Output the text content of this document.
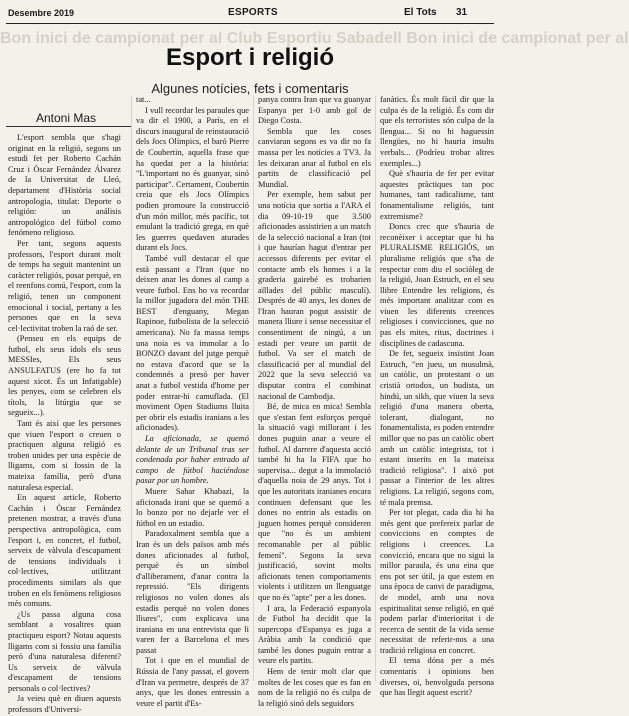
Desembre 2019	ESPORTS	El Tots 31
Bon inici de campionat per al Club Esportiu Sabadell Bon inici de campionat per al
Esport i religió
Algunes notícies, fets i comentaris
Antoni Mas

L'esport sembla que s'hagi originat en la religió, segons un estudi fet per Roberto Cachán Cruz i Òscar Fernández Álvarez de la Universitat de Lleó, departament d'Història social antropologia, titulat: Deporte o religión: un análisis antropológico del fútbol como fenómeno religioso.

Per tant, segons aquests professors, l'esport durant molt de temps ha seguit mantenint un caràcter religiós, posar perquè, en el reenfons comú, l'esport, com la religió, tenen un component emocional i social, pertany a les persones que en la seva cel·lectivitat troben la raó de ser.

(Penseu en els equips de futbol, els seus ídols els seus MESSIes, Els seus ANSULFATUS (ere ho fa tot aquest xicot. És un Infatigable) les penyes, com se celebren els títols, la litúrgia que se segueix...).

Tant és així que les persones que viuen l'esport o creuen o practiquen alguna religió es troben unides per una espècie de lligams, com si fossin de la mateixa família, però d'una naturalesa especial.

En aquest article, Roberto Cachán i Òscar Fernández pretenen mostrar, a través d'una perspectiva antropològica, com l'esport i, en concret, el futbol, serveix de vàlvula d'escapament de tensions individuals i col·lectives, utilitzant procediments similars als que troben en els fenòmens religiosos més comuns.

¿Us passa alguna cosa semblant a vosaltres quan practiqueu esport? Notau aquests lligams com si fossiu una família però d'una naturalesa diferent? Us serveix de vàlvula d'escapament de tensions personals o col·lectives?

Ja veieu què en diuen aquests professors d'Universi-

tat...

I vull recordar les paraules que va dir el 1900, a París, en el discurs inaugural de reinstauració dels Jocs Olímpics, el baró Pierre de Coubertin, aquella frase que ha quedat per a la història: "L'important no és guanyar, sinó participar". Certament, Coubertin creia que els Jocs Olímpics podien promoure la construcció d'un món millor, més pacífic, tot emulant la tradició grega, en què les guerres quedaven aturades durant els Jocs.

També vull destacar el que està passant a l'Iran (que no deixen anar les dones al camp a veure futbol. Ens ho va recordar la millor jugadora del món THE BEST d'enguany, Megan Rapinoe, futbolista de la selecció americana). No fa massa temps una noia es va immolar a lo BONZO davant del jutge perquè no estava d'acord que se la condemnés a presó per haver anat a futbol vestida d'home per poder entrar-hi camuflada. (El moviment Open Stadiums lluita per obrir els estadis iranians a les aficionades).

La aficionada, se quemó delante de un Tribunal tras ser condenada por haber entrado al campo de fútbol haciéndose pasar por un hombre.

Muere Sahar Khabazi, la aficionada irani que se quemó a lo bonzo por no dejarle ver el fútbol en un estadio.

Paradoxalment sembla que a Iran és un dels països amb més dones aficionades al futbol, perquè és un símbol d'alliberament, d'anar contra la repressió. "Els dirigents religiosos no volen dones als estadis perquè no volen dones lliures", com explicava una iraniana en una entrevista que li varen fer a Barcelona el mes passat

Tot i que en el mundial de Rússia de l'any passat, el govern d'Iran va permetre, després de 37 anys, que les dones entressin a veure el partit d'Es-

panya contra Iran que va guanyar Espanya per 1-0 amb gol de Diego Costa.

Sembla que les coses canviaran segons es va dir no fa massa per les notícies a TV3. Ja les deixaran anar al futbol en els partits de classificació pel Mundial.

Per exemple, hem sabut per una notícia que sortia a l'ARA el dia 09-10-19 que 3.500 aficionades assistirien a un match de la selecció nacional a Iran (tot i que haurían hagut d'entrar per accessos diferents per evitar el contacte amb els homes i a la graderia gairebé es trobarien aïllades del públic masculí). Després de 40 anys, les dones de l'Iran hauran pogut assistir de manera lliure i sense necessitar el consentiment de ningú, a un estadi per veure un partit de futbol. Va ser el match de classificació per al mundial del 2022 que la seva selecció va disputar contra el combinat nacional de Cambodja.

Bé, de mica en mica! Sembla que s'estan fent esforços perquè la situació vagi millorant i les dones puguin anar a veure el futbol. Al darrere d'aquesta acció també hi ha la FIFA que ho supervisa... degut a la immolació d'aquella noia de 29 anys. Tot i que les autoritats iranianes encara continuen defensant que les dones no entrin als estadis on juguen homes perquè consideren que "no és un ambient recomanable per al públic femení". Segons la seva justificació, sovint molts aficionats tenen comportaments violents i utilitzen un llenguatge que no és "apte" per a les dones.

I ara, la Federació espanyola de Futbol ha decidit que la supercopa d'Espanya es juga a Aràbia amb la condició que també les dones puguin entrar a veure els partits.

Hem de tenir molt clar que moltes de les coses que es fan en nom de la religió no és culpa de la religió sinó dels seguidors

fanàtics. És molt fàcil dir que la culpa és de la religió. És com dir que els terroristes són culpa de la llengua... Si no hi haguessin llengües, no hi hauria insults verbals... (Podríeu trobar altres exemples...)

Què s'hauria de fer per evitar aquestes pràctiques tan poc humanes, tant radicalisme, tant fonamentalisme religiós, tant extremisme?

Doncs crec que s'hauria de reconèixer i acceptar que hi ha PLURALISME RELIGIÓS, un pluralisme religiós que s'ha de respectar com diu el sociòleg de la religió, Joan Estruch, en el seu llibre Entendre les religions, és més important analitzar com es viuen les diferents creences religioses i convicciones, que no pas els mites, ritus, doctrines i disciplines de cadascuna.

De fet, segueix insistint Joan Estruch, "en jueu, un musulmà, un catòlic, un protestant o un cristià ortodox, un budista, un hindú, un sikh, que viuen la seva religió d'una manera oberta, tolerant, dialogant, no fonamentalista, es poden entendre millor que no pas un catòlic obert amb un catòlic integrista, tot i estant inserits en la mateixa tradició religiosa". I això pot passar a l'interior de les altres religions. La religió, segons com, té mala premsa.

Per tot plegat, cada dia hi ha més gent que prefereix parlar de conviccions en comptes de religions i creences. La convicció, encara que no sigui la millor paraula, és una eina que ens pot ser útil, ja que estem en una època de canvi de paradigma, de model, amb una nova espiritualitat sense religió, en què podem parlar d'interioritat i de recerca de sentit de la vida sense necessitat de referir-nos a una tradició religiosa en concret.

El tema dóna per a més comentaris i opinions ben diverses, oi, benvolguda persona que has llegit aquest escrit?
